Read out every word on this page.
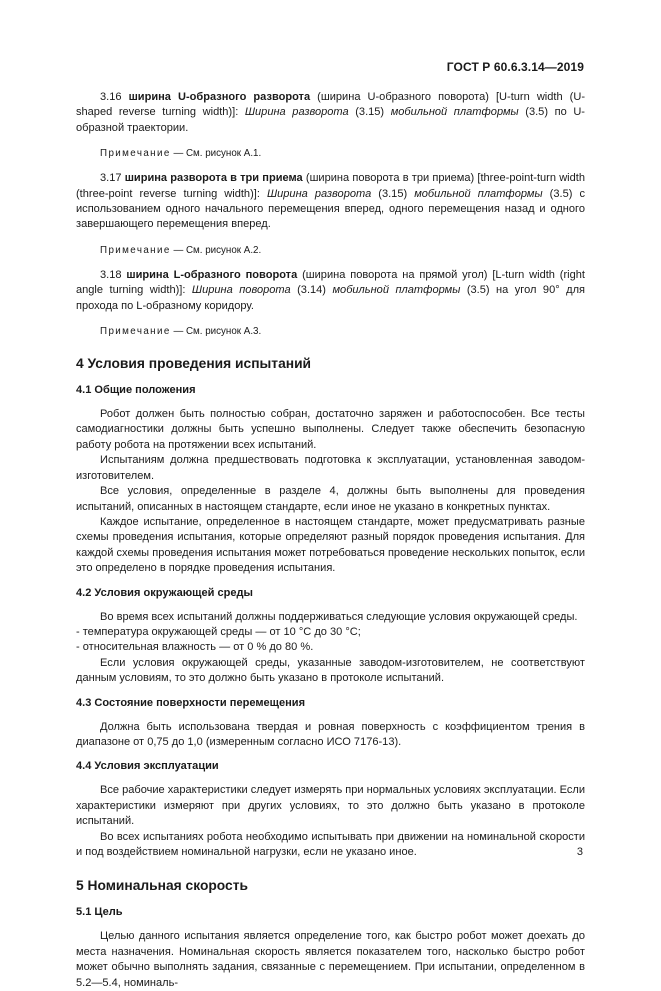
ГОСТ Р 60.6.3.14—2019

3.16 ширина U-образного разворота (ширина U-образного поворота) [U-turn width (U-shaped reverse turning width)]: Ширина разворота (3.15) мобильной платформы (3.5) по U-образной траектории.

Примечание — См. рисунок А.1.

3.17 ширина разворота в три приема (ширина поворота в три приема) [three-point-turn width (three-point reverse turning width)]: Ширина разворота (3.15) мобильной платформы (3.5) с использованием одного начального перемещения вперед, одного перемещения назад и одного завершающего перемещения вперед.

Примечание — См. рисунок А.2.

3.18 ширина L-образного поворота (ширина поворота на прямой угол) [L-turn width (right angle turning width)]: Ширина поворота (3.14) мобильной платформы (3.5) на угол 90° для прохода по L-образному коридору.

Примечание — См. рисунок А.3.

4 Условия проведения испытаний
4.1 Общие положения

Робот должен быть полностью собран, достаточно заряжен и работоспособен. Все тесты самодиагностики должны быть успешно выполнены. Следует также обеспечить безопасную работу робота на протяжении всех испытаний.

Испытаниям должна предшествовать подготовка к эксплуатации, установленная заводом-изготовителем.

Все условия, определенные в разделе 4, должны быть выполнены для проведения испытаний, описанных в настоящем стандарте, если иное не указано в конкретных пунктах.

Каждое испытание, определенное в настоящем стандарте, может предусматривать разные схемы проведения испытания, которые определяют разный порядок проведения испытания. Для каждой схемы проведения испытания может потребоваться проведение нескольких попыток, если это определено в порядке проведения испытания.

4.2 Условия окружающей среды

Во время всех испытаний должны поддерживаться следующие условия окружающей среды.

- температура окружающей среды — от 10 °С до 30 °С;

- относительная влажность — от 0 % до 80 %.

Если условия окружающей среды, указанные заводом-изготовителем, не соответствуют данным условиям, то это должно быть указано в протоколе испытаний.

4.3 Состояние поверхности перемещения

Должна быть использована твердая и ровная поверхность с коэффициентом трения в диапазоне от 0,75 до 1,0 (измеренным согласно ИСО 7176-13).

4.4 Условия эксплуатации

Все рабочие характеристики следует измерять при нормальных условиях эксплуатации. Если характеристики измеряют при других условиях, то это должно быть указано в протоколе испытаний.

Во всех испытаниях робота необходимо испытывать при движении на номинальной скорости и под воздействием номинальной нагрузки, если не указано иное.

5 Номинальная скорость
5.1 Цель

Целью данного испытания является определение того, как быстро робот может доехать до места назначения. Номинальная скорость является показателем того, насколько быстро робот может обычно выполнять задания, связанные с перемещением. При испытании, определенном в 5.2—5.4, номиналь-

3
